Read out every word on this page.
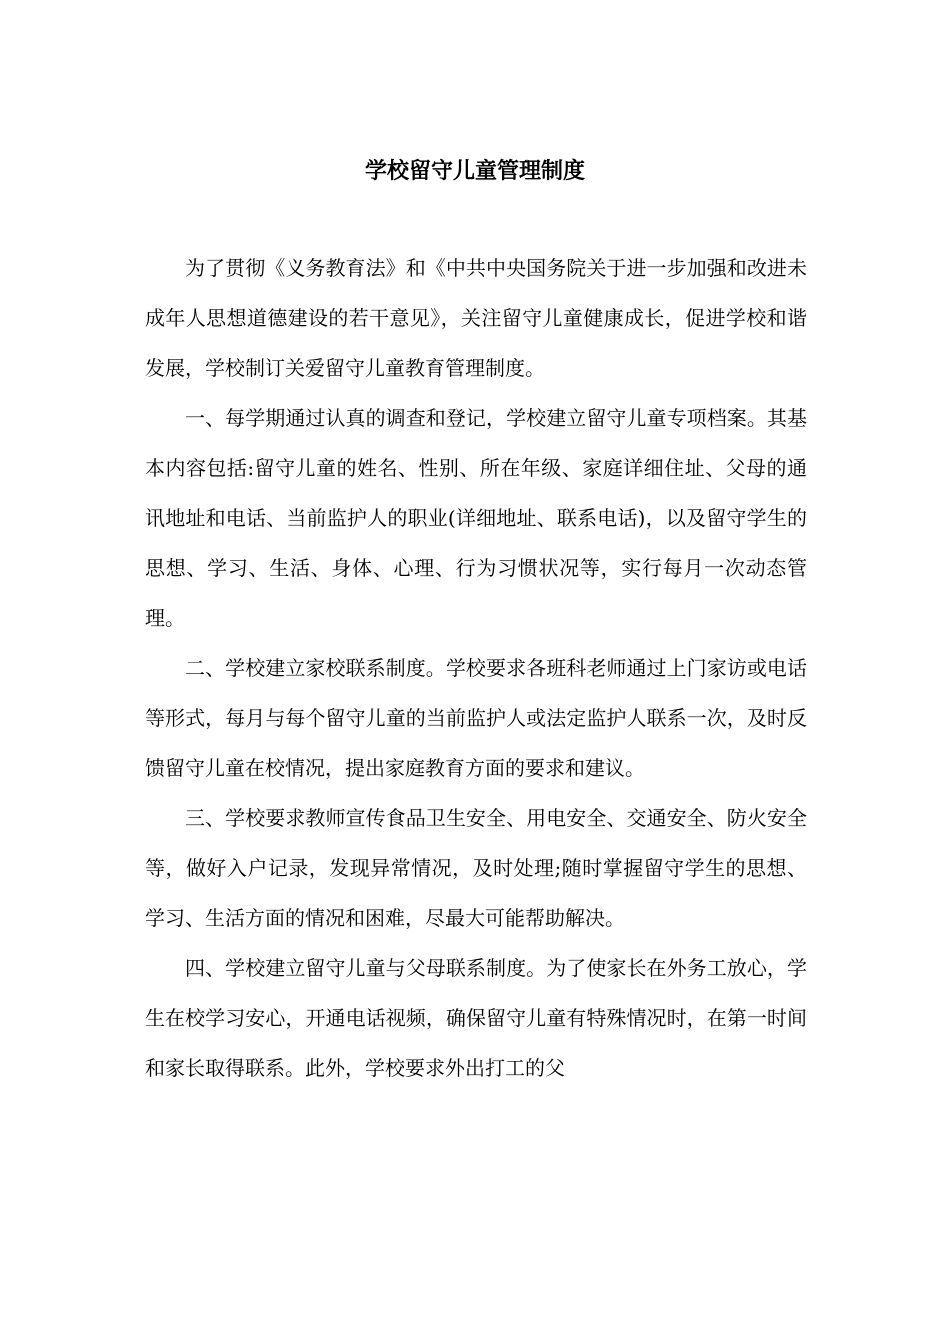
学校留守儿童管理制度

为了贯彻《义务教育法》和《中共中央国务院关于进一步加强和改进未成年人思想道德建设的若干意见》，关注留守儿童健康成长，促进学校和谐发展，学校制订关爱留守儿童教育管理制度。

一、每学期通过认真的调查和登记，学校建立留守儿童专项档案。其基本内容包括:留守儿童的姓名、性别、所在年级、家庭详细住址、父母的通讯地址和电话、当前监护人的职业(详细地址、联系电话)，以及留守学生的思想、学习、生活、身体、心理、行为习惯状况等，实行每月一次动态管理。

二、学校建立家校联系制度。学校要求各班科老师通过上门家访或电话等形式，每月与每个留守儿童的当前监护人或法定监护人联系一次，及时反馈留守儿童在校情况，提出家庭教育方面的要求和建议。

三、学校要求教师宣传食品卫生安全、用电安全、交通安全、防火安全等，做好入户记录，发现异常情况，及时处理;随时掌握留守学生的思想、学习、生活方面的情况和困难，尽最大可能帮助解决。

四、学校建立留守儿童与父母联系制度。为了使家长在外务工放心，学生在校学习安心，开通电话视频，确保留守儿童有特殊情况时，在第一时间和家长取得联系。此外，学校要求外出打工的父
